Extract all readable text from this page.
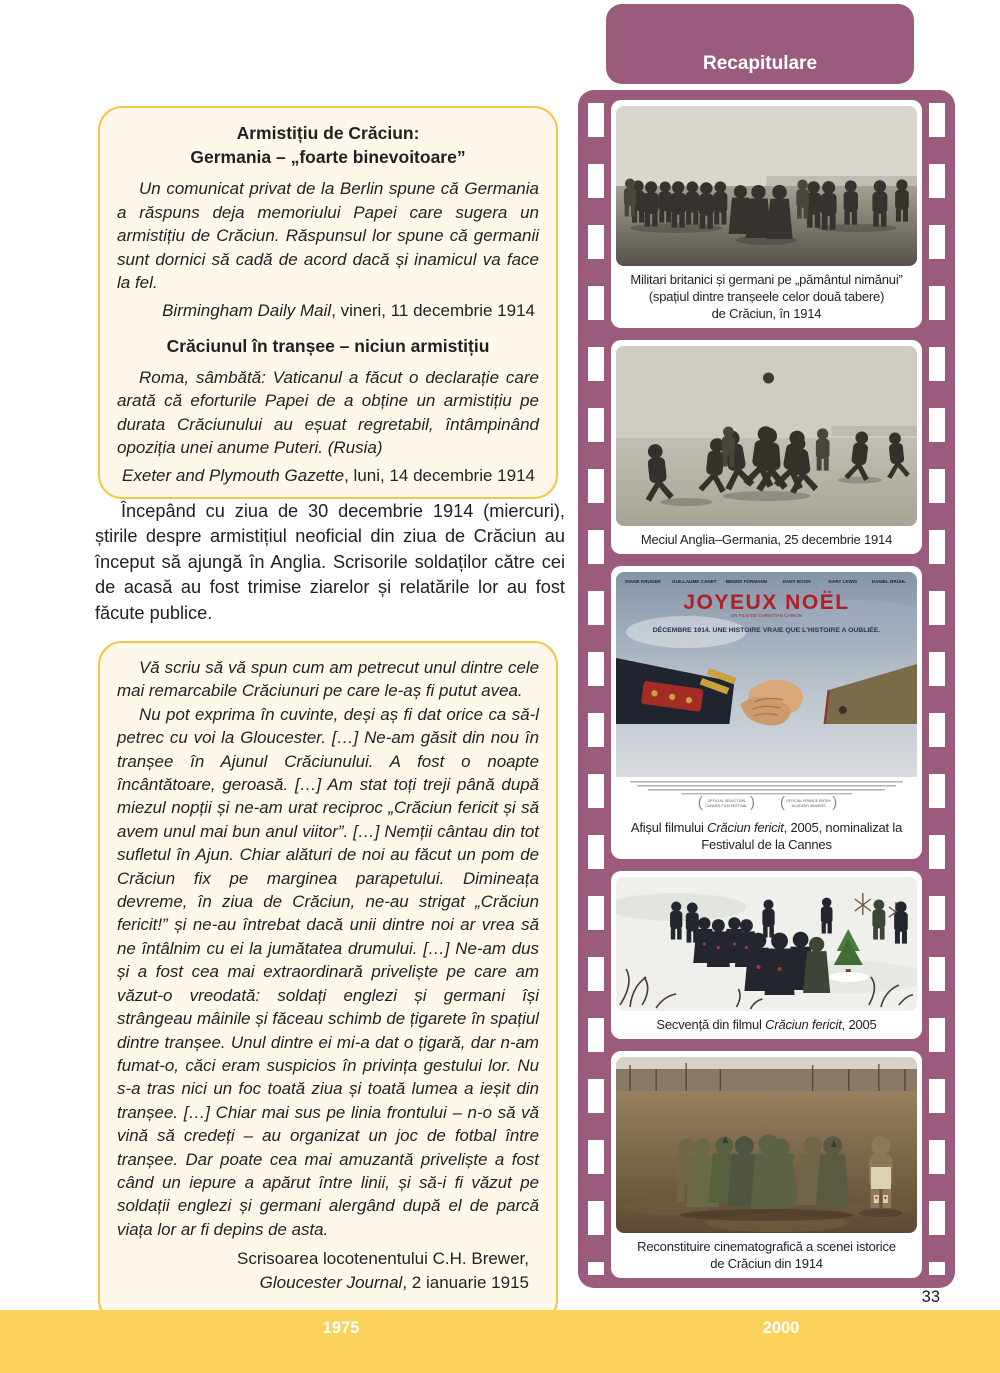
Recapitulare

Armistițiu de Crăciun:
Germania – „foarte binevoitoare”

Un comunicat privat de la Berlin spune că Germania a răspuns deja memoriului Papei care sugera un armistițiu de Crăciun. Răspunsul lor spune că germanii sunt dornici să cadă de acord dacă și inamicul va face la fel.

Birmingham Daily Mail, vineri, 11 decembrie 1914

Crăciunul în tranșee – niciun armistițiu

Roma, sâmbătă: Vaticanul a făcut o declarație care arată că eforturile Papei de a obține un armistițiu pe durata Crăciunului au eșuat regretabil, întâmpinând opoziția unei anume Puteri. (Rusia)

Exeter and Plymouth Gazette, luni, 14 decembrie 1914

Începând cu ziua de 30 decembrie 1914 (miercuri), știrile despre armistițiul neoficial din ziua de Crăciun au început să ajungă în Anglia. Scrisorile soldaților către cei de acasă au fost trimise ziarelor și relatările lor au fost făcute publice.

Vă scriu să vă spun cum am petrecut unul dintre cele mai remarcabile Crăciunuri pe care le-aș fi putut avea.

Nu pot exprima în cuvinte, deși aș fi dat orice ca să-l petrec cu voi la Gloucester. […] Ne-am găsit din nou în tranșee în Ajunul Crăciunului. A fost o noapte încântătoare, geroasă. […] Am stat toți treji până după miezul nopții și ne-am urat reciproc „Crăciun fericit și să avem unul mai bun anul viitor”. […] Nemții cântau din tot sufletul în Ajun. Chiar alături de noi au făcut un pom de Crăciun fix pe marginea parapetului. Dimineața devreme, în ziua de Crăciun, ne-au strigat „Crăciun fericit!” și ne-au întrebat dacă unii dintre noi ar vrea să ne întâlnim cu ei la jumătatea drumului. […] Ne-am dus și a fost cea mai extraordinară priveliște pe care am văzut-o vreodată: soldați englezi și germani își strângeau mâinile și făceau schimb de țigarete în spațiul dintre tranșee. Unul dintre ei mi-a dat o țigară, dar n-am fumat-o, căci eram suspicios în privința gestului lor. Nu s-a tras nici un foc toată ziua și toată lumea a ieșit din tranșee. […] Chiar mai sus pe linia frontului – n-o să vă vină să credeți – au organizat un joc de fotbal între tranșee. Dar poate cea mai amuzantă priveliște a fost când un iepure a apărut între linii, și să-i fi văzut pe soldații englezi și germani alergând după el de parcă viața lor ar fi depins de asta.

Scrisoarea locotenentului C.H. Brewer,
Gloucester Journal, 2 ianuarie 1915

Militari britanici și germani pe „pământul nimănui”
(spațiul dintre tranșeele celor două tabere)
de Crăciun, în 1914
Meciul Anglia–Germania, 25 decembrie 1914
DIANE KRUGER GUILLAUME CANET BENNO FÜRMANN	DANY BOON	GARY LEWIS	DANIEL BRÜHL
JOYEUX NOËL
UN FILM DE CHRISTIAN CARION
DÉCEMBRE 1914. UNE HISTOIRE VRAIE QUE L'HISTOIRE A OUBLIÉE.
(	)
OFFICIAL SELECTION
CANNES FILM FESTIVAL (	)
OFFICIAL FRANCE ENTRY
ACADEMY AWARDS
Afișul filmului Crăciun fericit, 2005, nominalizat la
Festivalul de la Cannes
Secvență din filmul Crăciun fericit, 2005
Reconstituire cinematografică a scenei istorice
de Crăciun din 1914
33
1975	2000
